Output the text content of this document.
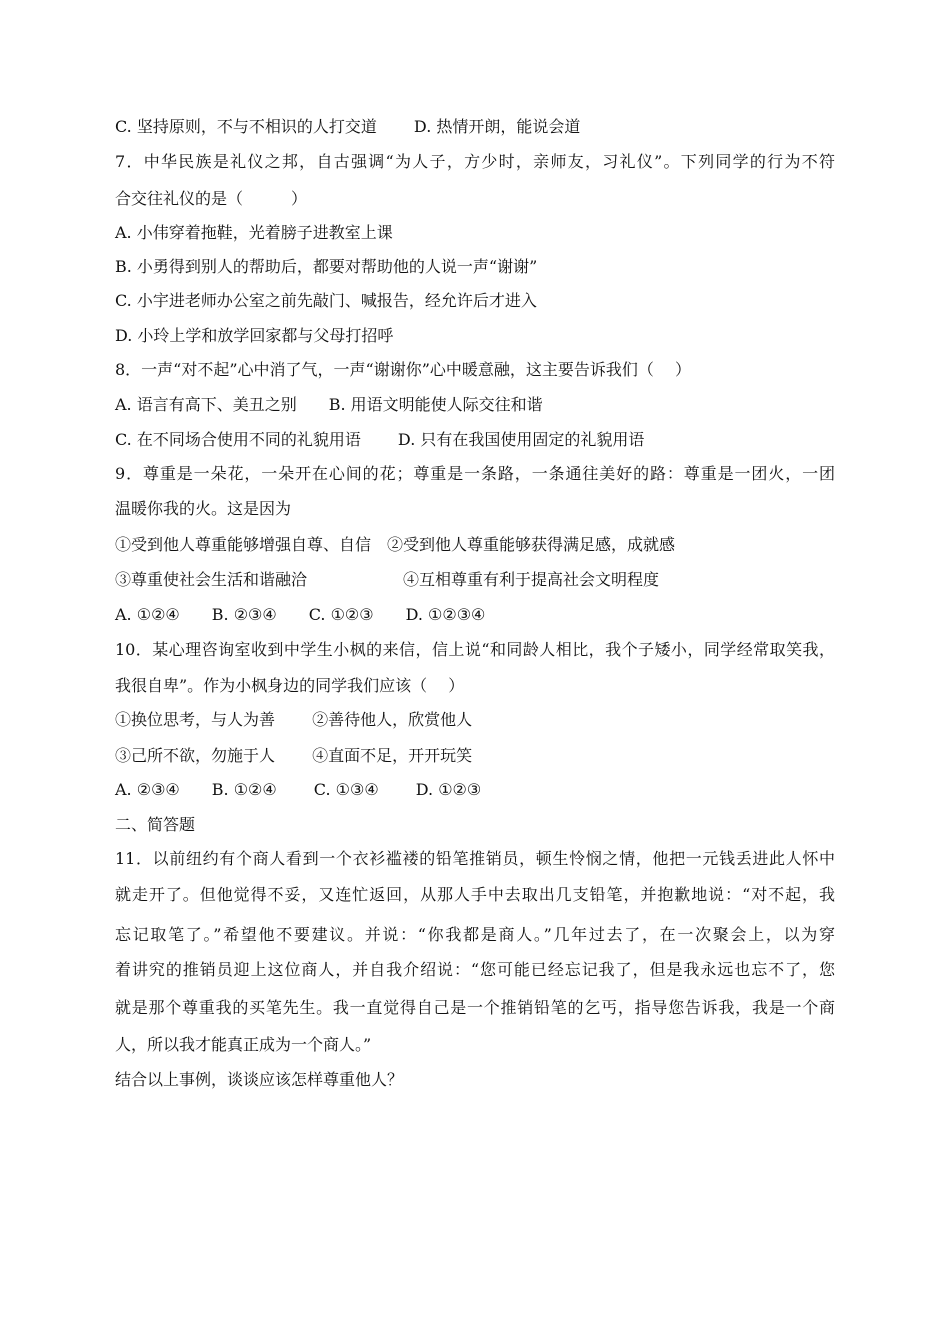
C. 坚持原则，不与不相识的人打交道　　 D. 热情开朗，能说会道
7．中华民族是礼仪之邦，自古强调“为人子，方少时，亲师友，习礼仪”。下列同学的行为不符
合交往礼仪的是（　　　）
A. 小伟穿着拖鞋，光着膀子进教室上课
B. 小勇得到别人的帮助后，都要对帮助他的人说一声“谢谢”
C. 小宇进老师办公室之前先敲门、喊报告，经允许后才进入
D. 小玲上学和放学回家都与父母打招呼
8．一声“对不起”心中消了气，一声“谢谢你”心中暖意融，这主要告诉我们（　 ）
A. 语言有高下、美丑之别　　B. 用语文明能使人际交往和谐
C. 在不同场合使用不同的礼貌用语　　 D. 只有在我国使用固定的礼貌用语
9．尊重是一朵花，一朵开在心间的花；尊重是一条路，一条通往美好的路：尊重是一团火，一团
温暖你我的火。这是因为
①受到他人尊重能够增强自尊、自信　②受到他人尊重能够获得满足感，成就感
③尊重使社会生活和谐融洽　　　　　　④互相尊重有利于提高社会文明程度
A. ①②④　　B. ②③④　　C. ①②③　　D. ①②③④
10．某心理咨询室收到中学生小枫的来信，信上说“和同龄人相比，我个子矮小，同学经常取笑我，
我很自卑”。作为小枫身边的同学我们应该（　 ）
①换位思考，与人为善　　 ②善待他人，欣赏他人
③己所不欲，勿施于人　　 ④直面不足，开开玩笑
A. ②③④　　B. ①②④　　 C. ①③④　　 D. ①②③
二、简答题
11．以前纽约有个商人看到一个衣衫褴褛的铅笔推销员，顿生怜悯之情，他把一元钱丢进此人怀中
就走开了。但他觉得不妥，又连忙返回，从那人手中去取出几支铅笔，并抱歉地说：“对不起，我
忘记取笔了。”希望他不要建议。并说：“你我都是商人。”几年过去了，在一次聚会上，以为穿
着讲究的推销员迎上这位商人，并自我介绍说：“您可能已经忘记我了，但是我永远也忘不了，您
就是那个尊重我的买笔先生。我一直觉得自己是一个推销铅笔的乞丐，指导您告诉我，我是一个商
人，所以我才能真正成为一个商人。”
结合以上事例，谈谈应该怎样尊重他人？
